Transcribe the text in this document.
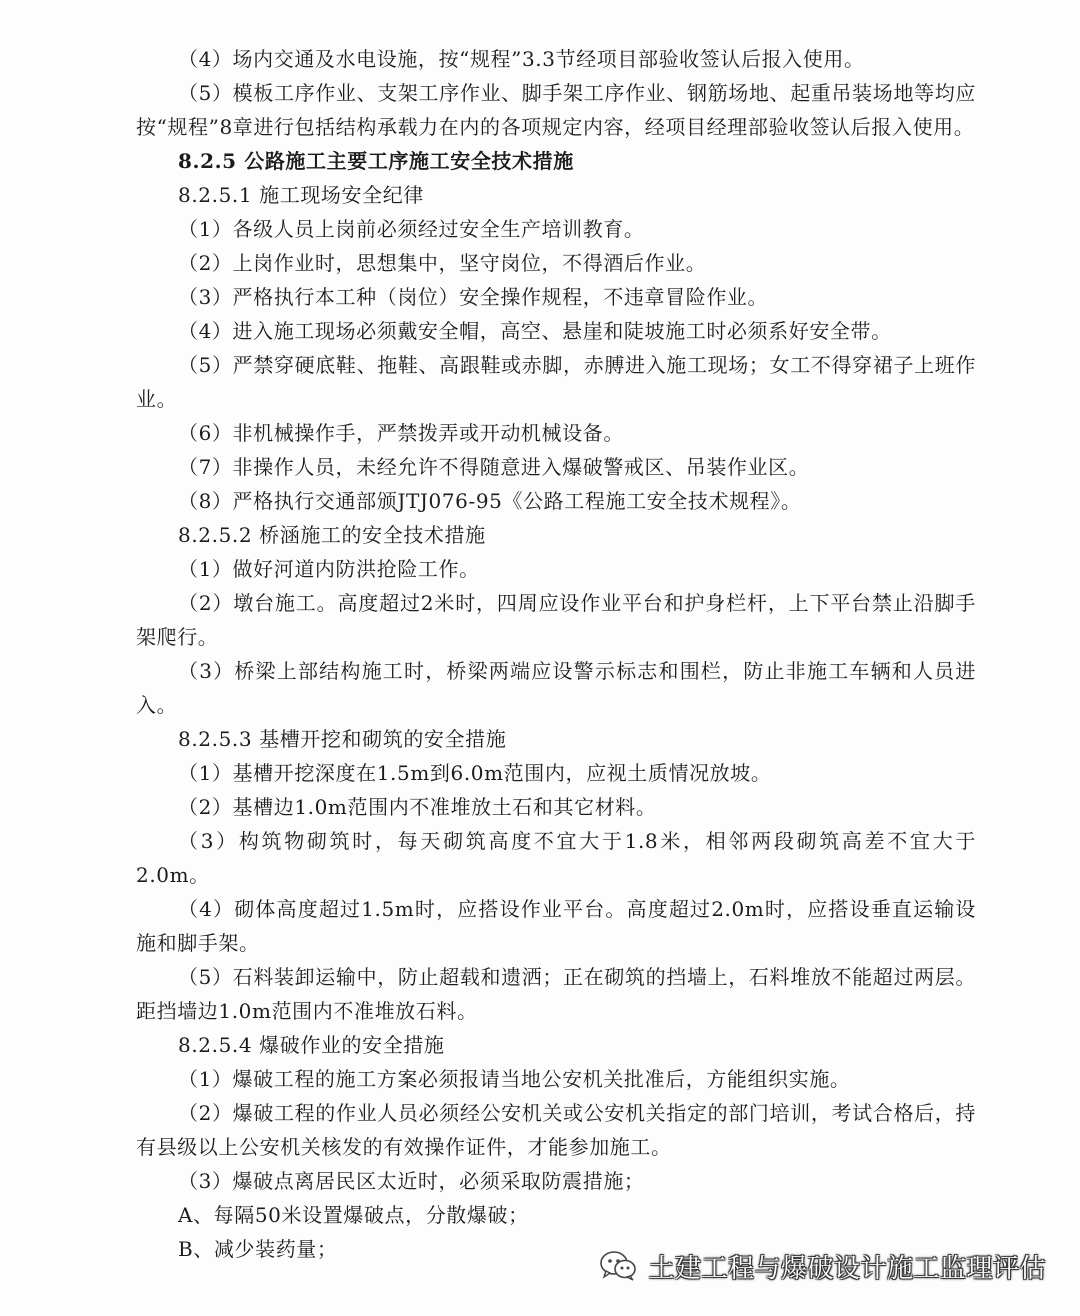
（4）场内交通及水电设施，按“规程”3.3节经项目部验收签认后报入使用。

（5）模板工序作业、支架工序作业、脚手架工序作业、钢筋场地、起重吊装场地等均应按“规程”8章进行包括结构承载力在内的各项规定内容，经项目经理部验收签认后报入使用。

8.2.5 公路施工主要工序施工安全技术措施

8.2.5.1 施工现场安全纪律

（1）各级人员上岗前必须经过安全生产培训教育。

（2）上岗作业时，思想集中，坚守岗位，不得酒后作业。

（3）严格执行本工种（岗位）安全操作规程，不违章冒险作业。

（4）进入施工现场必须戴安全帽，高空、悬崖和陡坡施工时必须系好安全带。

（5）严禁穿硬底鞋、拖鞋、高跟鞋或赤脚，赤膊进入施工现场；女工不得穿裙子上班作业。

（6）非机械操作手，严禁拨弄或开动机械设备。

（7）非操作人员，未经允许不得随意进入爆破警戒区、吊装作业区。

（8）严格执行交通部颁JTJ076-95《公路工程施工安全技术规程》。

8.2.5.2 桥涵施工的安全技术措施

（1）做好河道内防洪抢险工作。

（2）墩台施工。高度超过2米时，四周应设作业平台和护身栏杆，上下平台禁止沿脚手架爬行。

（3）桥梁上部结构施工时，桥梁两端应设警示标志和围栏，防止非施工车辆和人员进入。

8.2.5.3 基槽开挖和砌筑的安全措施

（1）基槽开挖深度在1.5m到6.0m范围内，应视土质情况放坡。

（2）基槽边1.0m范围内不准堆放土石和其它材料。

（3）构筑物砌筑时，每天砌筑高度不宜大于1.8米，相邻两段砌筑高差不宜大于2.0m。

（4）砌体高度超过1.5m时，应搭设作业平台。高度超过2.0m时，应搭设垂直运输设施和脚手架。

（5）石料装卸运输中，防止超载和遗洒；正在砌筑的挡墙上，石料堆放不能超过两层。距挡墙边1.0m范围内不准堆放石料。

8.2.5.4 爆破作业的安全措施

（1）爆破工程的施工方案必须报请当地公安机关批准后，方能组织实施。

（2）爆破工程的作业人员必须经公安机关或公安机关指定的部门培训，考试合格后，持有县级以上公安机关核发的有效操作证件，才能参加施工。

（3）爆破点离居民区太近时，必须采取防震措施；

A、每隔50米设置爆破点，分散爆破；

B、减少装药量；

土建工程与爆破设计施工监理评估
